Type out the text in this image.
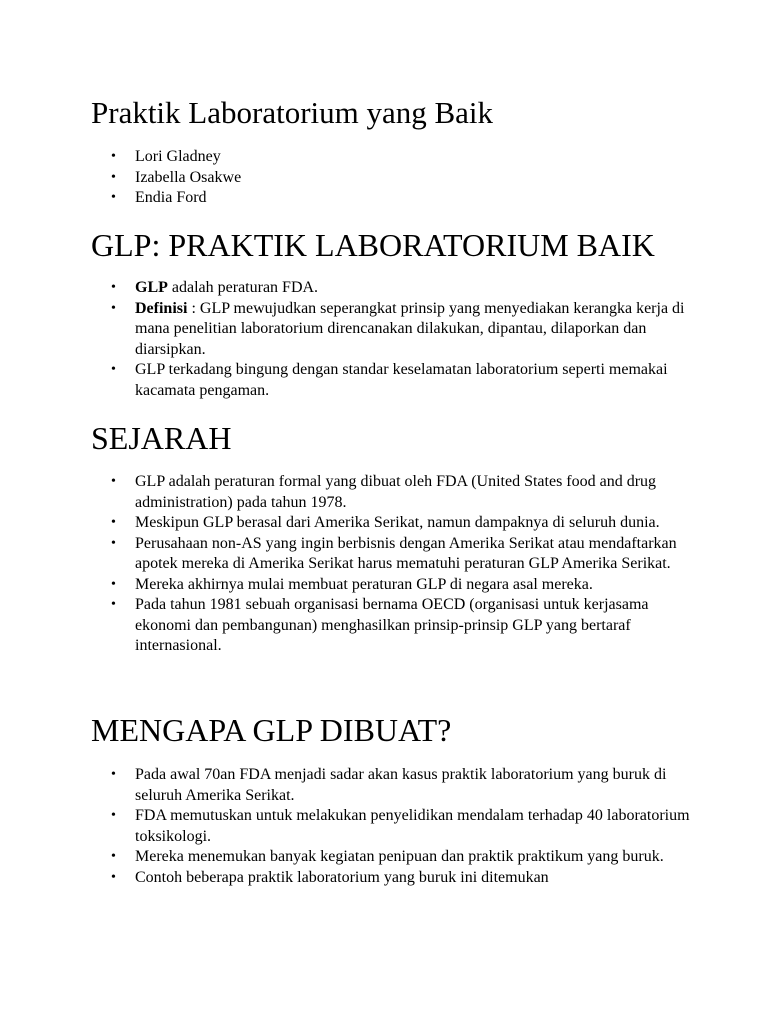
Praktik Laboratorium yang Baik
• Lori Gladney
• Izabella Osakwe
• Endia Ford
GLP: PRAKTIK LABORATORIUM BAIK
• GLP adalah peraturan FDA.
• Definisi : GLP mewujudkan seperangkat prinsip yang menyediakan kerangka kerja di mana penelitian laboratorium direncanakan dilakukan, dipantau, dilaporkan dan diarsipkan.
• GLP terkadang bingung dengan standar keselamatan laboratorium seperti memakai kacamata pengaman.
SEJARAH
• GLP adalah peraturan formal yang dibuat oleh FDA (United States food and drug administration) pada tahun 1978.
• Meskipun GLP berasal dari Amerika Serikat, namun dampaknya di seluruh dunia.
• Perusahaan non-AS yang ingin berbisnis dengan Amerika Serikat atau mendaftarkan apotek mereka di Amerika Serikat harus mematuhi peraturan GLP Amerika Serikat.
• Mereka akhirnya mulai membuat peraturan GLP di negara asal mereka.
• Pada tahun 1981 sebuah organisasi bernama OECD (organisasi untuk kerjasama ekonomi dan pembangunan) menghasilkan prinsip-prinsip GLP yang bertaraf internasional.
MENGAPA GLP DIBUAT?
• Pada awal 70an FDA menjadi sadar akan kasus praktik laboratorium yang buruk di seluruh Amerika Serikat.
• FDA memutuskan untuk melakukan penyelidikan mendalam terhadap 40 laboratorium toksikologi.
• Mereka menemukan banyak kegiatan penipuan dan praktik praktikum yang buruk.
• Contoh beberapa praktik laboratorium yang buruk ini ditemukan
